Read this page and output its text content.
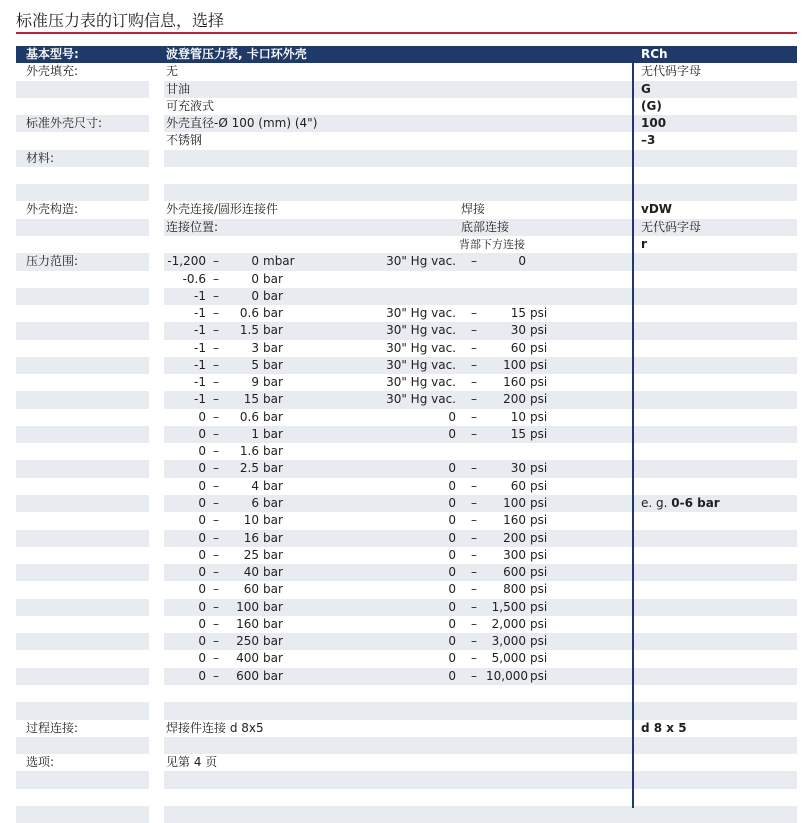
标准压力表的订购信息，选择
基本型号:	波登管压力表, 卡口环外壳	RCh
外壳填充:	无	无代码字母
甘油	G
可充液式	(G)
标准外壳尺寸:	外壳直径-Ø 100 (mm) (4")	100
不锈钢	–3
材料:
外壳构造:	外壳连接/圆形连接件	焊接	vDW
连接位置:	底部连接	无代码字母
背部下方连接	r
压力范围:	-1,200 –	0 mbar	30" Hg vac. –	0
-0.6 –	0 bar
-1 –	0 bar
-1 –	0.6 bar	30" Hg vac. –	15 psi
-1 –	1.5 bar	30" Hg vac. –	30 psi
-1 –	3 bar	30" Hg vac. –	60 psi
-1 –	5 bar	30" Hg vac. –	100 psi
-1 –	9 bar	30" Hg vac. –	160 psi
-1 –	15 bar	30" Hg vac. –	200 psi
0 –	0.6 bar	0 –	10 psi
0 –	1 bar	0 –	15 psi
0 –	1.6 bar
0 –	2.5 bar	0 –	30 psi
0 –	4 bar	0 –	60 psi
0 –	6 bar	0 –	100 psi	e. g. 0-6 bar
0 –	10 bar	0 –	160 psi
0 –	16 bar	0 –	200 psi
0 –	25 bar	0 –	300 psi
0 –	40 bar	0 –	600 psi
0 –	60 bar	0 –	800 psi
0 –	100 bar	0 –	1,500 psi
0 –	160 bar	0 –	2,000 psi
0 –	250 bar	0 –	3,000 psi
0 –	400 bar	0 –	5,000 psi
0 –	600 bar	0 – 10,000 psi
过程连接:	焊接件连接 d 8x5	d 8 x 5
选项:	见第 4 页
